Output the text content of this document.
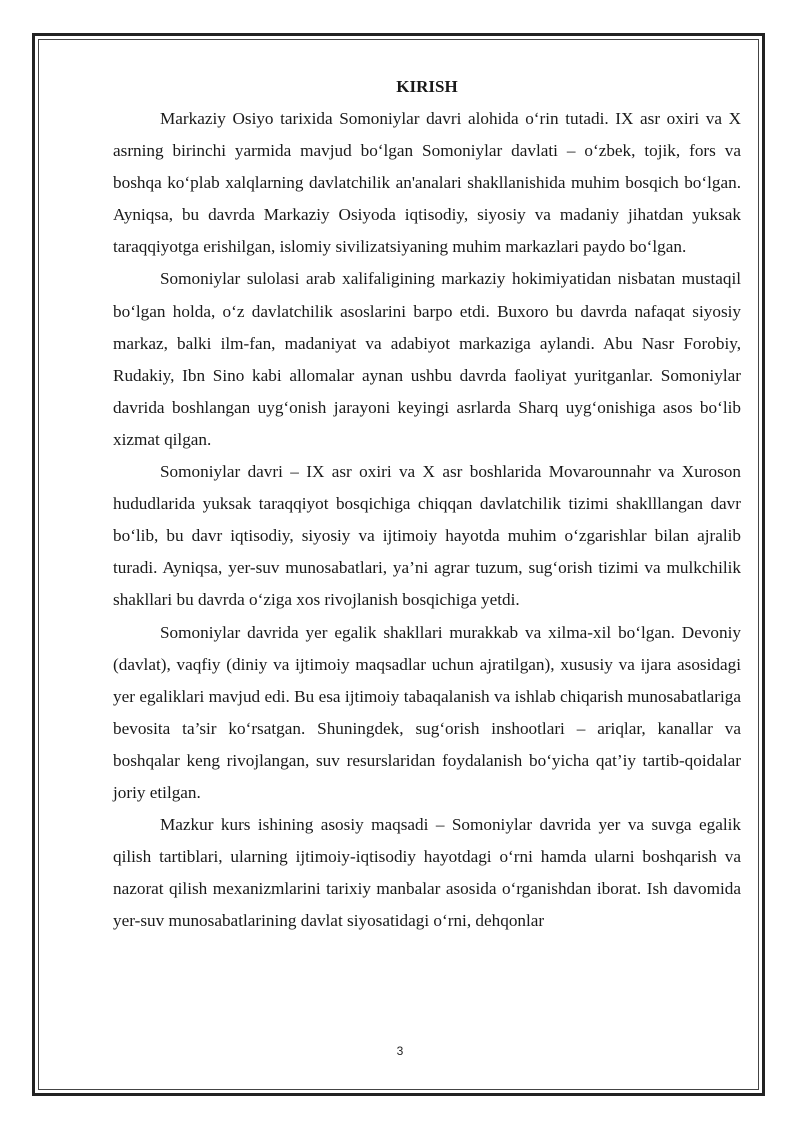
KIRISH

Markaziy Osiyo tarixida Somoniylar davri alohida o‘rin tutadi. IX asr oxiri va X asrning birinchi yarmida mavjud bo‘lgan Somoniylar davlati – o‘zbek, tojik, fors va boshqa ko‘plab xalqlarning davlatchilik an'analari shakllanishida muhim bosqich bo‘lgan. Ayniqsa, bu davrda Markaziy Osiyoda iqtisodiy, siyosiy va madaniy jihatdan yuksak taraqqiyotga erishilgan, islomiy sivilizatsiyaning muhim markazlari paydo bo‘lgan.

Somoniylar sulolasi arab xalifaligining markaziy hokimiyatidan nisbatan mustaqil bo‘lgan holda, o‘z davlatchilik asoslarini barpo etdi. Buxoro bu davrda nafaqat siyosiy markaz, balki ilm-fan, madaniyat va adabiyot markaziga aylandi. Abu Nasr Forobiy, Rudakiy, Ibn Sino kabi allomalar aynan ushbu davrda faoliyat yuritganlar. Somoniylar davrida boshlangan uyg‘onish jarayoni keyingi asrlarda Sharq uyg‘onishiga asos bo‘lib xizmat qilgan.

Somoniylar davri – IX asr oxiri va X asr boshlarida Movarounnahr va Xuroson hududlarida yuksak taraqqiyot bosqichiga chiqqan davlatchilik tizimi shaklllangan davr bo‘lib, bu davr iqtisodiy, siyosiy va ijtimoiy hayotda muhim o‘zgarishlar bilan ajralib turadi. Ayniqsa, yer-suv munosabatlari, ya’ni agrar tuzum, sug‘orish tizimi va mulkchilik shakllari bu davrda o‘ziga xos rivojlanish bosqichiga yetdi.

Somoniylar davrida yer egalik shakllari murakkab va xilma-xil bo‘lgan. Devoniy (davlat), vaqfiy (diniy va ijtimoiy maqsadlar uchun ajratilgan), xususiy va ijara asosidagi yer egaliklari mavjud edi. Bu esa ijtimoiy tabaqalanish va ishlab chiqarish munosabatlariga bevosita ta’sir ko‘rsatgan. Shuningdek, sug‘orish inshootlari – ariqlar, kanallar va boshqalar keng rivojlangan, suv resurslaridan foydalanish bo‘yicha qat’iy tartib-qoidalar joriy etilgan.

Mazkur kurs ishining asosiy maqsadi – Somoniylar davrida yer va suvga egalik qilish tartiblari, ularning ijtimoiy-iqtisodiy hayotdagi o‘rni hamda ularni boshqarish va nazorat qilish mexanizmlarini tarixiy manbalar asosida o‘rganishdan iborat. Ish davomida yer-suv munosabatlarining davlat siyosatidagi o‘rni, dehqonlar

3
